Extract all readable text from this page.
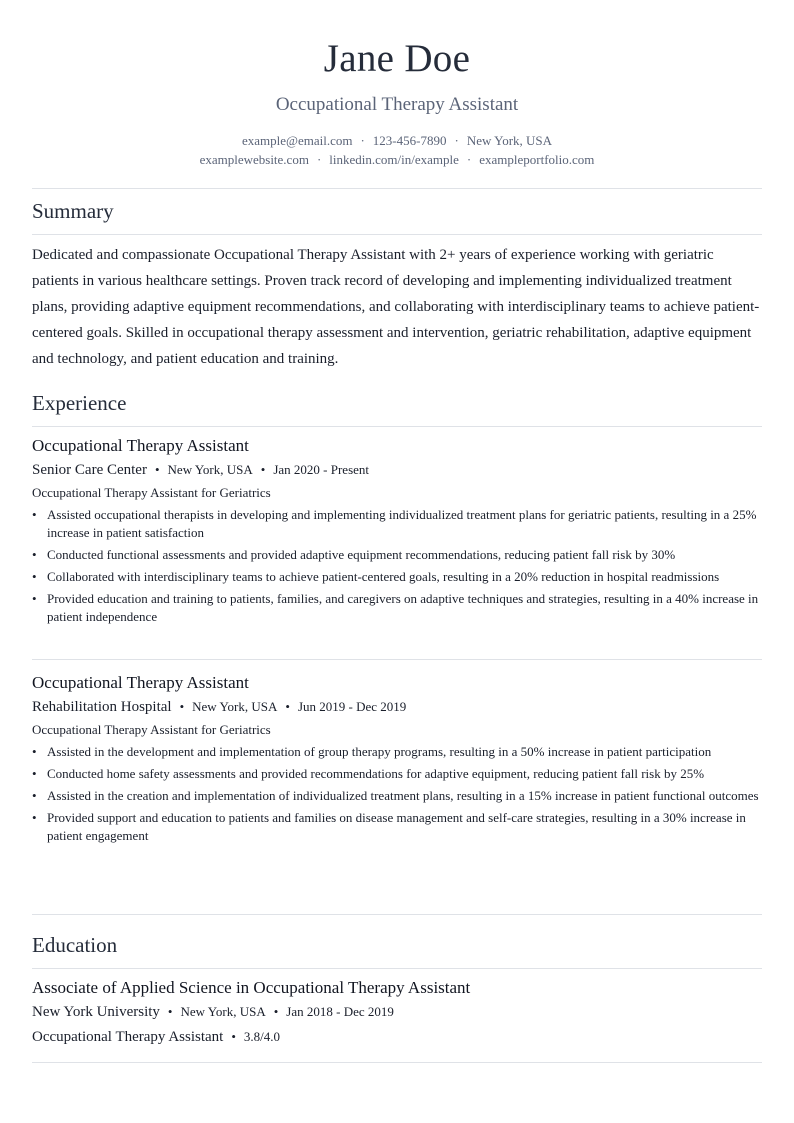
Jane Doe
Occupational Therapy Assistant
example@email.com · 123-456-7890 · New York, USA
examplewebsite.com · linkedin.com/in/example · exampleportfolio.com
Summary
Dedicated and compassionate Occupational Therapy Assistant with 2+ years of experience working with geriatric patients in various healthcare settings. Proven track record of developing and implementing individualized treatment plans, providing adaptive equipment recommendations, and collaborating with interdisciplinary teams to achieve patient-centered goals. Skilled in occupational therapy assessment and intervention, geriatric rehabilitation, adaptive equipment and technology, and patient education and training.
Experience
Occupational Therapy Assistant
Senior Care Center • New York, USA • Jan 2020 - Present
Occupational Therapy Assistant for Geriatrics
• Assisted occupational therapists in developing and implementing individualized treatment plans for geriatric patients, resulting in a 25% increase in patient satisfaction
• Conducted functional assessments and provided adaptive equipment recommendations, reducing patient fall risk by 30%
• Collaborated with interdisciplinary teams to achieve patient-centered goals, resulting in a 20% reduction in hospital readmissions
• Provided education and training to patients, families, and caregivers on adaptive techniques and strategies, resulting in a 40% increase in patient independence
Occupational Therapy Assistant
Rehabilitation Hospital • New York, USA • Jun 2019 - Dec 2019
Occupational Therapy Assistant for Geriatrics
• Assisted in the development and implementation of group therapy programs, resulting in a 50% increase in patient participation
• Conducted home safety assessments and provided recommendations for adaptive equipment, reducing patient fall risk by 25%
• Assisted in the creation and implementation of individualized treatment plans, resulting in a 15% increase in patient functional outcomes
• Provided support and education to patients and families on disease management and self-care strategies, resulting in a 30% increase in patient engagement
Education
Associate of Applied Science in Occupational Therapy Assistant
New York University • New York, USA • Jan 2018 - Dec 2019
Occupational Therapy Assistant • 3.8/4.0
